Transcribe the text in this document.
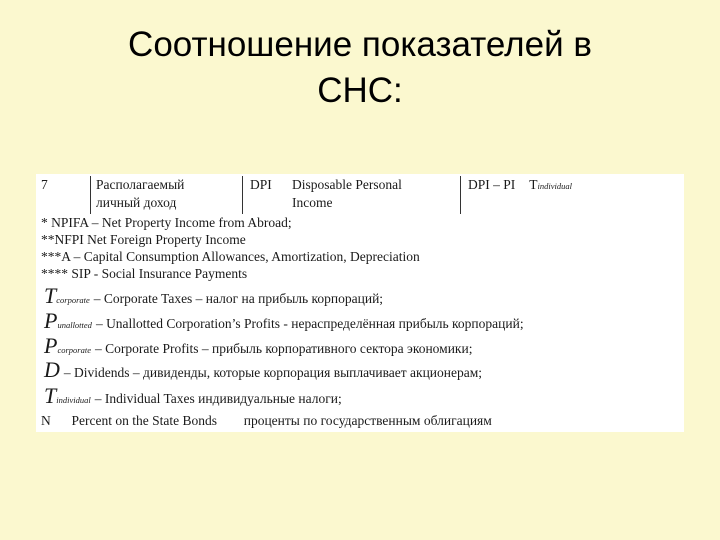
Соотношение показателей в
СНС:
7	Располагаемый
личный доход
DPI Disposable Personal
Income
DPI – PI Tindividual
* NPIFA – Net Property Income from Abroad;
**NFPI Net Foreign Property Income
***A – Capital Consumption Allowances, Amortization, Depreciation
**** SIP - Social Insurance Payments
Tcorporate – Corporate Taxes – налог на прибыль корпораций;
Punallotted – Unallotted Corporation’s Profits - нераспределённая прибыль корпораций;
Pcorporate – Corporate Profits – прибыль корпоративного сектора экономики;
D – Dividends – дивиденды, которые корпорация выплачивает акционерам;
Tindividual – Individual Taxes индивидуальные налоги;
N Percent on the State Bonds проценты по государственным облигациям
